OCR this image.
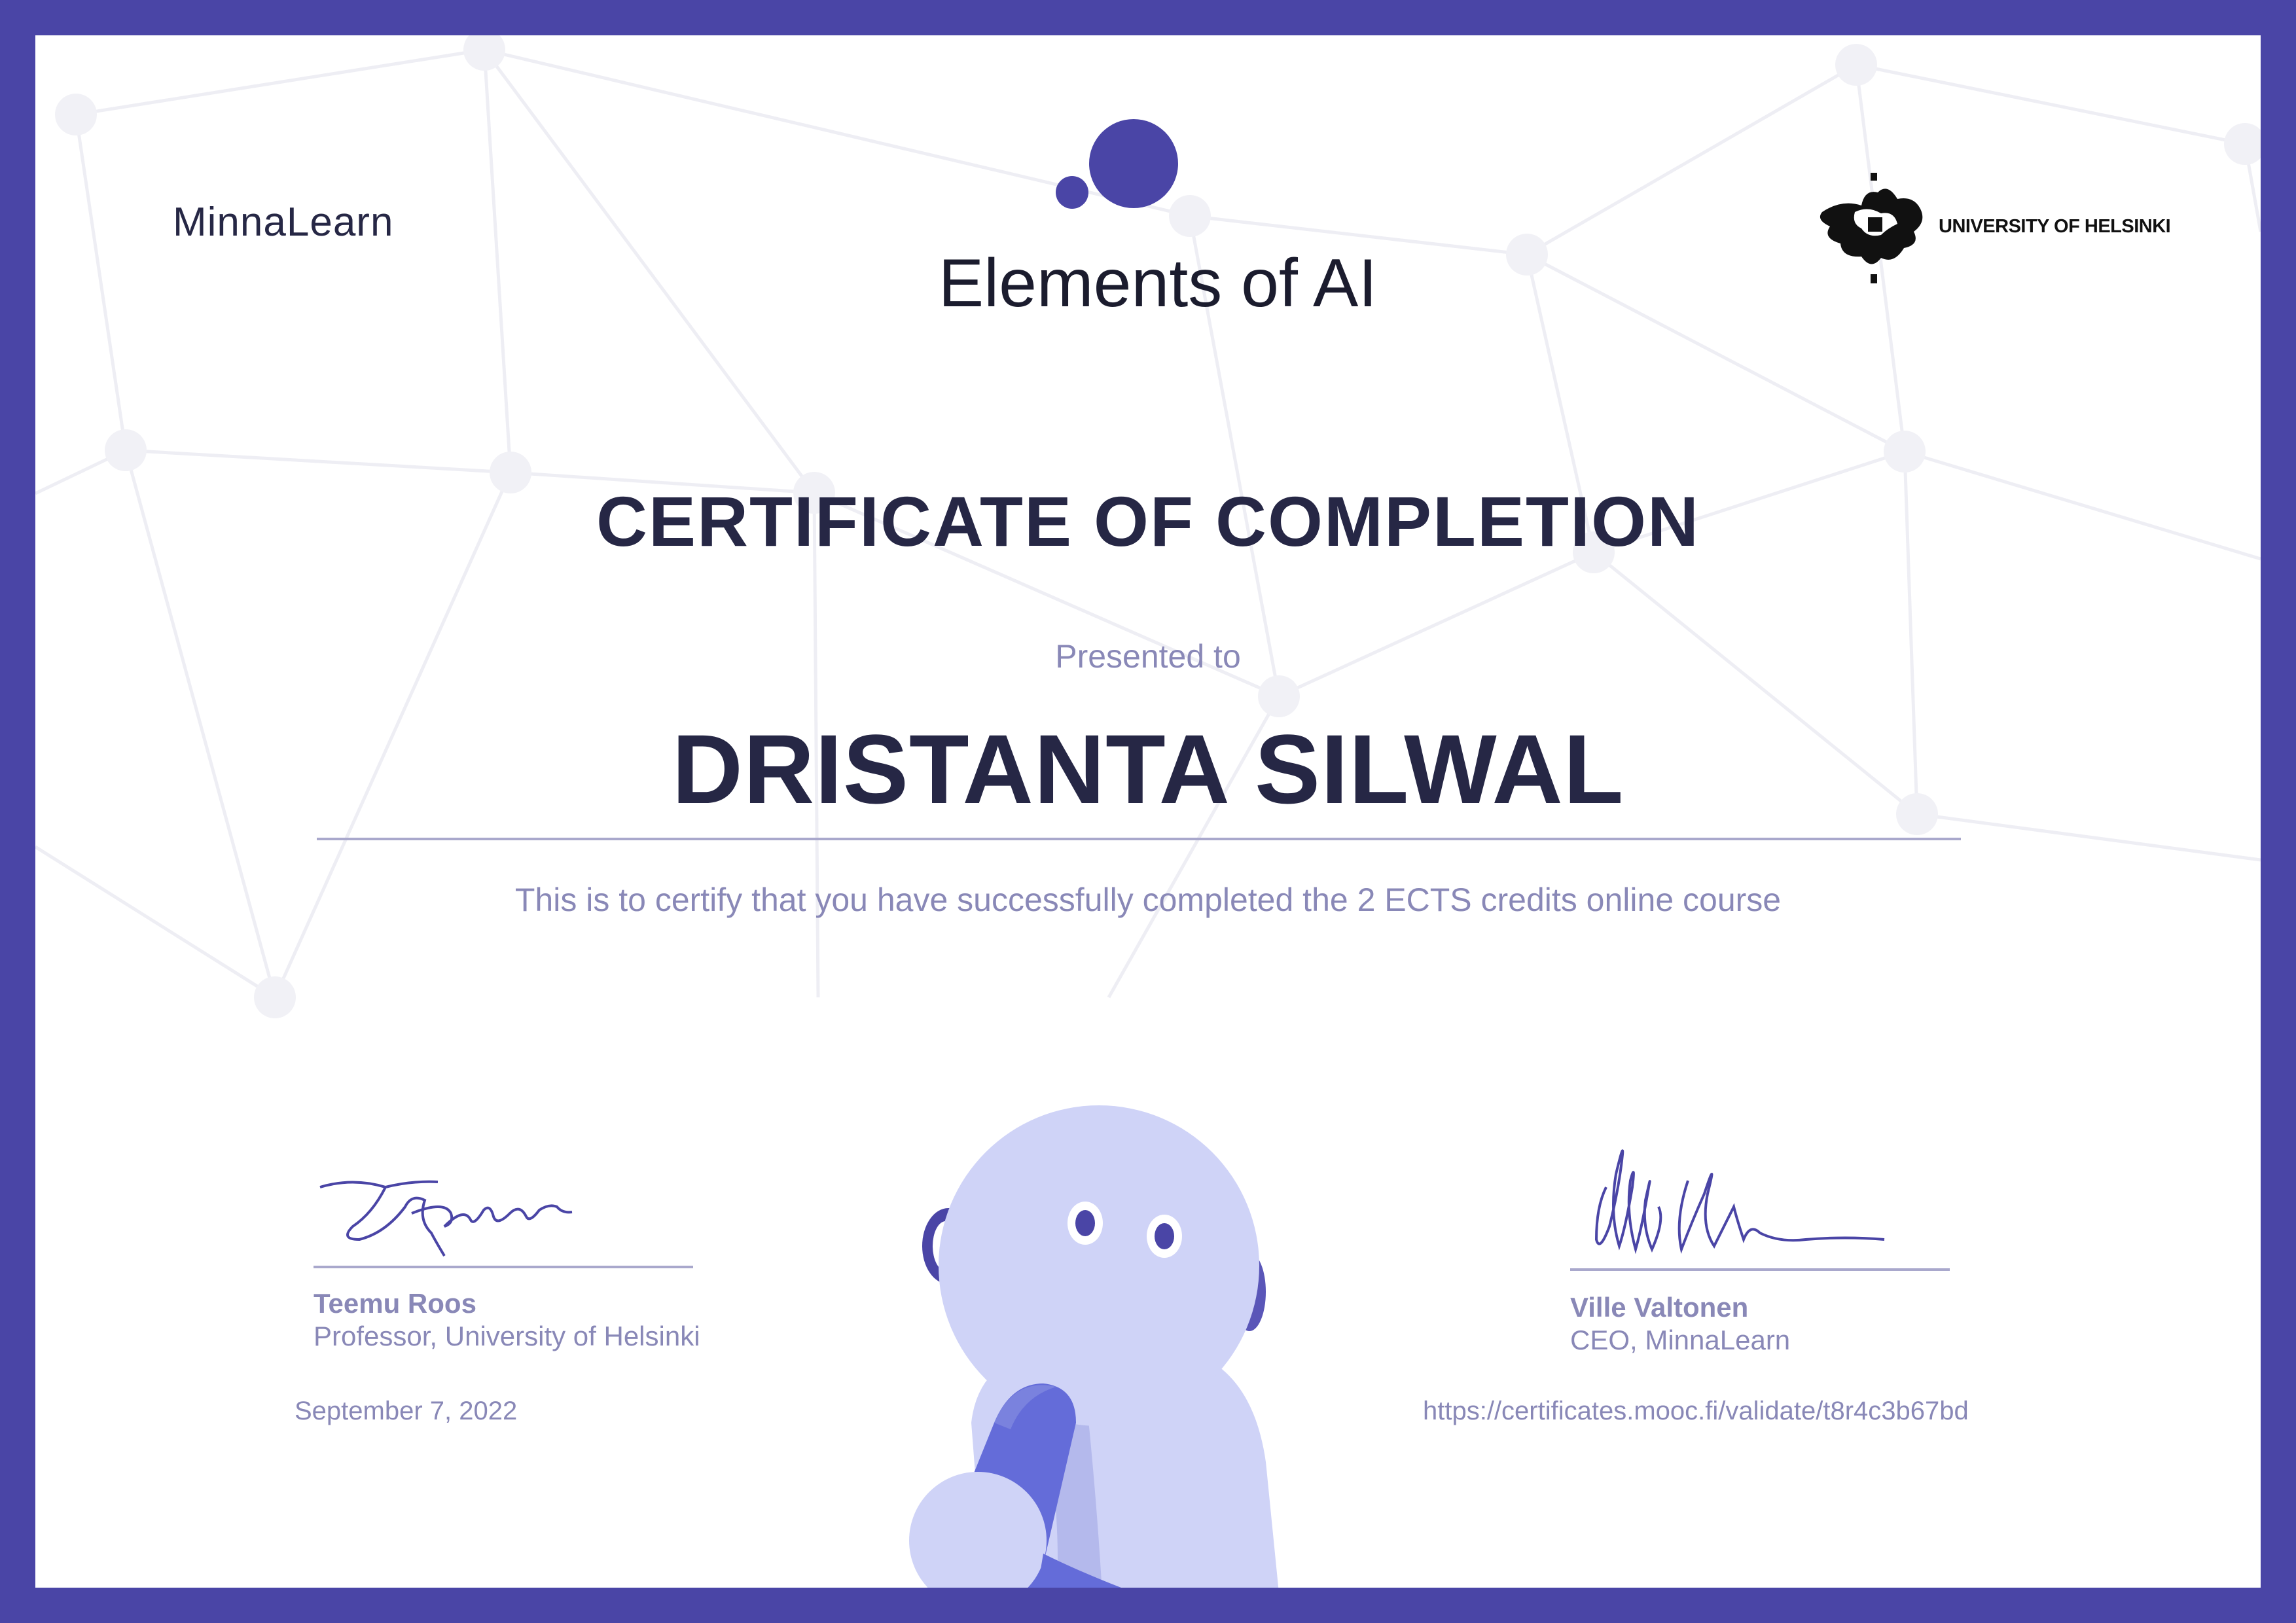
MinnaLearn
Elements of AI
UNIVERSITY OF HELSINKI
CERTIFICATE OF COMPLETION
Presented to
DRISTANTA SILWAL
This is to certify that you have successfully completed the 2 ECTS credits online course
Teemu Roos
Professor, University of Helsinki
Ville Valtonen
CEO, MinnaLearn
September 7, 2022	https://certificates.mooc.fi/validate/t8r4c3b67bd
